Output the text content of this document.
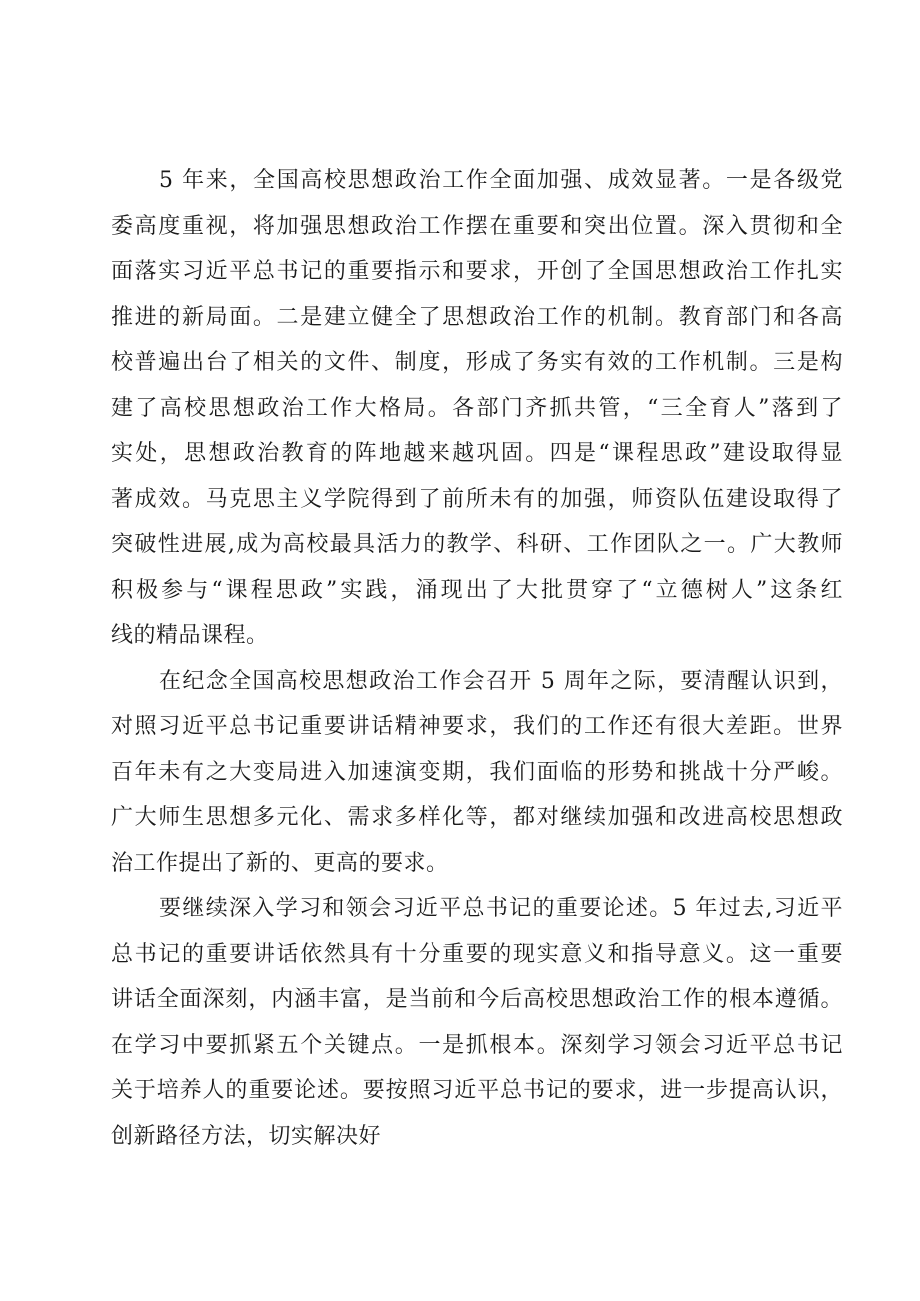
5 年来，全国高校思想政治工作全面加强、成效显著。一是各级党
委高度重视，将加强思想政治工作摆在重要和突出位置。深入贯彻和全
面落实习近平总书记的重要指示和要求，开创了全国思想政治工作扎实
推进的新局面。二是建立健全了思想政治工作的机制。教育部门和各高
校普遍出台了相关的文件、制度，形成了务实有效的工作机制。三是构
建了高校思想政治工作大格局。各部门齐抓共管，“三全育人”落到了
实处，思想政治教育的阵地越来越巩固。四是“课程思政”建设取得显
著成效。马克思主义学院得到了前所未有的加强，师资队伍建设取得了
突破性进展,成为高校最具活力的教学、科研、工作团队之一。广大教师
积极参与“课程思政”实践，涌现出了大批贯穿了“立德树人”这条红
线的精品课程。
在纪念全国高校思想政治工作会召开 5 周年之际，要清醒认识到，
对照习近平总书记重要讲话精神要求，我们的工作还有很大差距。世界
百年未有之大变局进入加速演变期，我们面临的形势和挑战十分严峻。
广大师生思想多元化、需求多样化等，都对继续加强和改进高校思想政
治工作提出了新的、更高的要求。
要继续深入学习和领会习近平总书记的重要论述。5 年过去,习近平
总书记的重要讲话依然具有十分重要的现实意义和指导意义。这一重要
讲话全面深刻，内涵丰富，是当前和今后高校思想政治工作的根本遵循。
在学习中要抓紧五个关键点。一是抓根本。深刻学习领会习近平总书记
关于培养人的重要论述。要按照习近平总书记的要求，进一步提高认识，
创新路径方法，切实解决好
